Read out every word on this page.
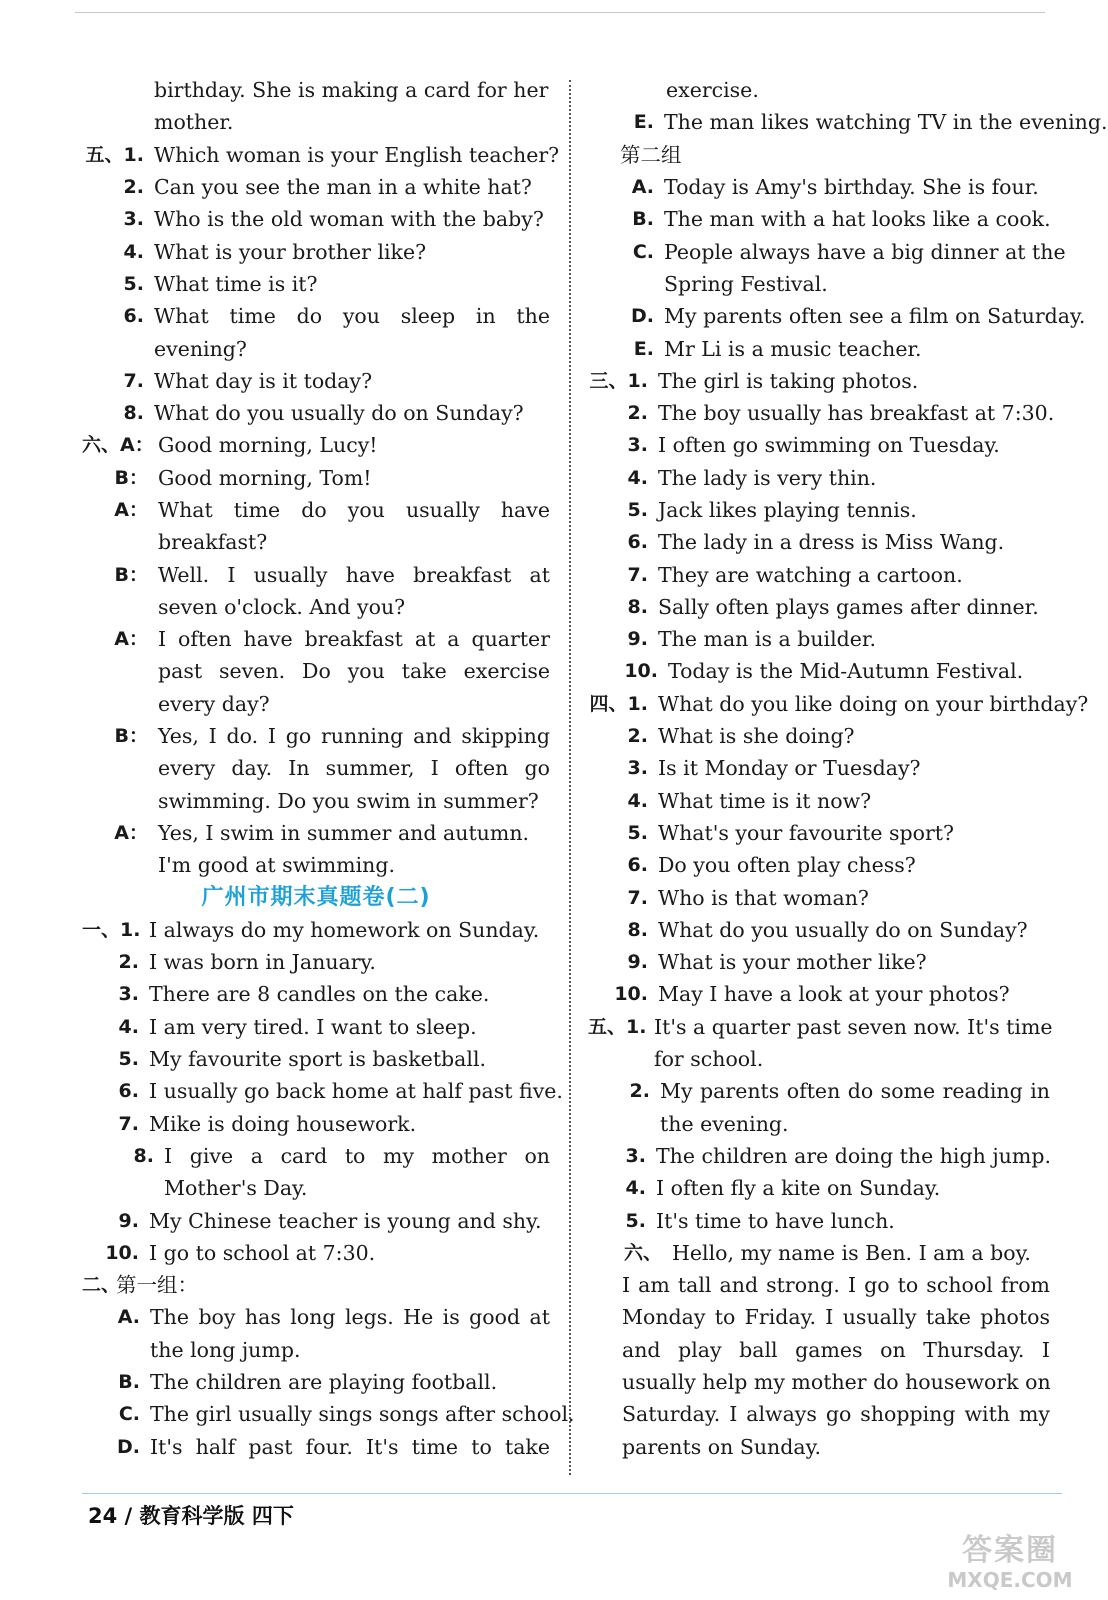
birthday. She is making a card for her
mother.
五、1. Which woman is your English teacher?
2. Can you see the man in a white hat?
3. Who is the old woman with the baby?
4. What is your brother like?
5. What time is it?
6. What time do you sleep in the
evening?
7. What day is it today?
8. What do you usually do on Sunday?
六、A： Good morning, Lucy!
B： Good morning, Tom!
A： What time do you usually have
breakfast?
B： Well. I usually have breakfast at
seven o'clock. And you?
A： I often have breakfast at a quarter
past seven. Do you take exercise
every day?
B： Yes, I do. I go running and skipping
every day. In summer, I often go
swimming. Do you swim in summer?
A： Yes, I swim in summer and autumn.
I'm good at swimming.
广州市期末真题卷(二)
一、1. I always do my homework on Sunday.
2. I was born in January.
3. There are 8 candles on the cake.
4. I am very tired. I want to sleep.
5. My favourite sport is basketball.
6. I usually go back home at half past five.
7. Mike is doing housework.
8. I give a card to my mother on
Mother's Day.
9. My Chinese teacher is young and shy.
10. I go to school at 7:30.
二、
第一组：
A. The boy has long legs. He is good at
the long jump.
B. The children are playing football.
C. The girl usually sings songs after school.
D. It's half past four. It's time to take
exercise.
E. The man likes watching TV in the evening.
第二组
A. Today is Amy's birthday. She is four.
B. The man with a hat looks like a cook.
C. People always have a big dinner at the
Spring Festival.
D. My parents often see a film on Saturday.
E. Mr Li is a music teacher.
三、1. The girl is taking photos.
2. The boy usually has breakfast at 7:30.
3. I often go swimming on Tuesday.
4. The lady is very thin.
5. Jack likes playing tennis.
6. The lady in a dress is Miss Wang.
7. They are watching a cartoon.
8. Sally often plays games after dinner.
9. The man is a builder.
10. Today is the Mid-Autumn Festival.
四、1. What do you like doing on your birthday?
2. What is she doing?
3. Is it Monday or Tuesday?
4. What time is it now?
5. What's your favourite sport?
6. Do you often play chess?
7. Who is that woman?
8. What do you usually do on Sunday?
9. What is your mother like?
10. May I have a look at your photos?
五、1. It's a quarter past seven now. It's time
for school.
2. My parents often do some reading in
the evening.
3. The children are doing the high jump.
4. I often fly a kite on Sunday.
5. It's time to have lunch.
六、 Hello, my name is Ben. I am a boy.
I am tall and strong. I go to school from
Monday to Friday. I usually take photos
and play ball games on Thursday. I
usually help my mother do housework on
Saturday. I always go shopping with my
parents on Sunday.
24 / 教育科学版 四下
答案圈
MXQE.COM
